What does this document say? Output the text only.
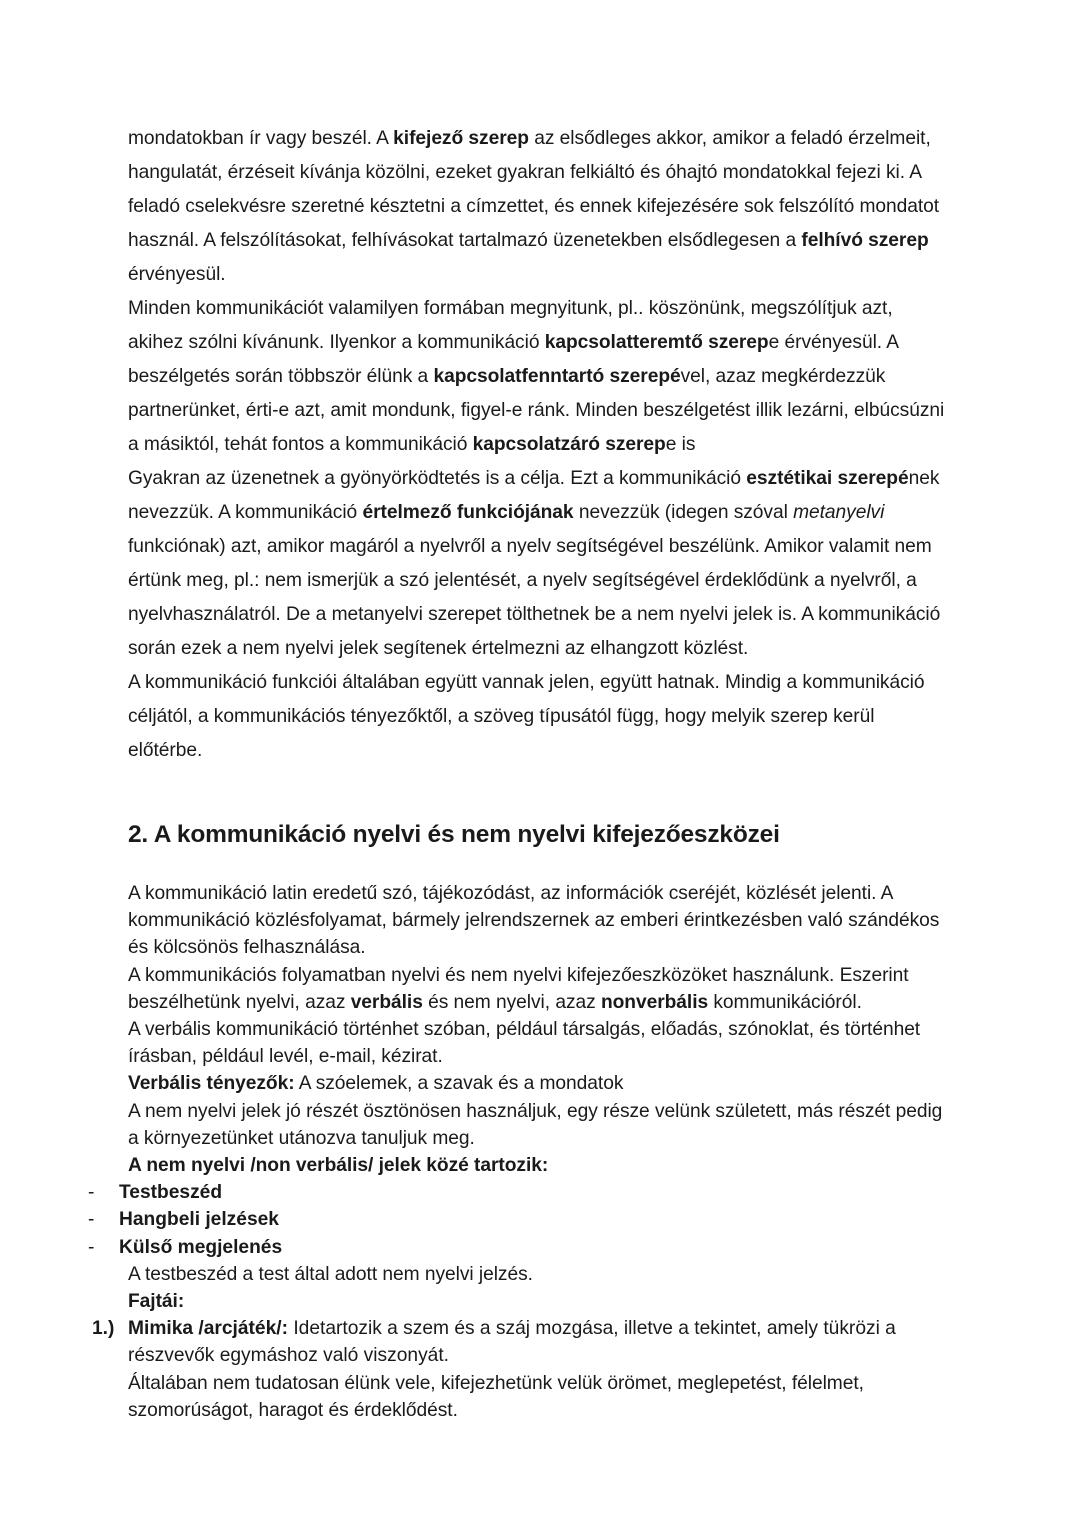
mondatokban ír vagy beszél. A kifejező szerep az elsődleges akkor, amikor a feladó érzelmeit, hangulatát, érzéseit kívánja közölni, ezeket gyakran felkiáltó és óhajtó mondatokkal fejezi ki. A feladó cselekvésre szeretné késztetni a címzettet, és ennek kifejezésére sok felszólító mondatot használ. A felszólításokat, felhívásokat tartalmazó üzenetekben elsődlegesen a felhívó szerep érvényesül.

Minden kommunikációt valamilyen formában megnyitunk, pl.. köszönünk, megszólítjuk azt, akihez szólni kívánunk. Ilyenkor a kommunikáció kapcsolatteremtő szerepe érvényesül. A beszélgetés során többször élünk a kapcsolatfenntartó szerepével, azaz megkérdezzük partnerünket, érti-e azt, amit mondunk, figyel-e ránk. Minden beszélgetést illik lezárni, elbúcsúzni a másiktól, tehát fontos a kommunikáció kapcsolatzáró szerepe is

Gyakran az üzenetnek a gyönyörködtetés is a célja. Ezt a kommunikáció esztétikai szerepének nevezzük. A kommunikáció értelmező funkciójának nevezzük (idegen szóval metanyelvi funkciónak) azt, amikor magáról a nyelvről a nyelv segítségével beszélünk. Amikor valamit nem értünk meg, pl.: nem ismerjük a szó jelentését, a nyelv segítségével érdeklődünk a nyelvről, a nyelvhasználatról. De a metanyelvi szerepet tölthetnek be a nem nyelvi jelek is. A kommunikáció során ezek a nem nyelvi jelek segítenek értelmezni az elhangzott közlést.

A kommunikáció funkciói általában együtt vannak jelen, együtt hatnak. Mindig a kommunikáció céljától, a kommunikációs tényezőktől, a szöveg típusától függ, hogy melyik szerep kerül előtérbe.

2. A kommunikáció nyelvi és nem nyelvi kifejezőeszközei

A kommunikáció latin eredetű szó, tájékozódást, az információk cseréjét, közlését jelenti. A kommunikáció közlésfolyamat, bármely jelrendszernek az emberi érintkezésben való szándékos és kölcsönös felhasználása.

A kommunikációs folyamatban nyelvi és nem nyelvi kifejezőeszközöket használunk. Eszerint beszélhetünk nyelvi, azaz verbális és nem nyelvi, azaz nonverbális kommunikációról.

A verbális kommunikáció történhet szóban, például társalgás, előadás, szónoklat, és történhet írásban, például levél, e-mail, kézirat.

Verbális tényezők: A szóelemek, a szavak és a mondatok

A nem nyelvi jelek jó részét ösztönösen használjuk, egy része velünk született, más részét pedig a környezetünket utánozva tanuljuk meg.

A nem nyelvi /non verbális/ jelek közé tartozik:

- Testbeszéd
- Hangbeli jelzések
- Külső megjelenés

A testbeszéd a test által adott nem nyelvi jelzés.

Fajtái:

1.) Mimika /arcjáték/: Idetartozik a szem és a száj mozgása, illetve a tekintet, amely tükrözi a részvevők egymáshoz való viszonyát.

Általában nem tudatosan élünk vele, kifejezhetünk velük örömet, meglepetést, félelmet, szomorúságot, haragot és érdeklődést.
